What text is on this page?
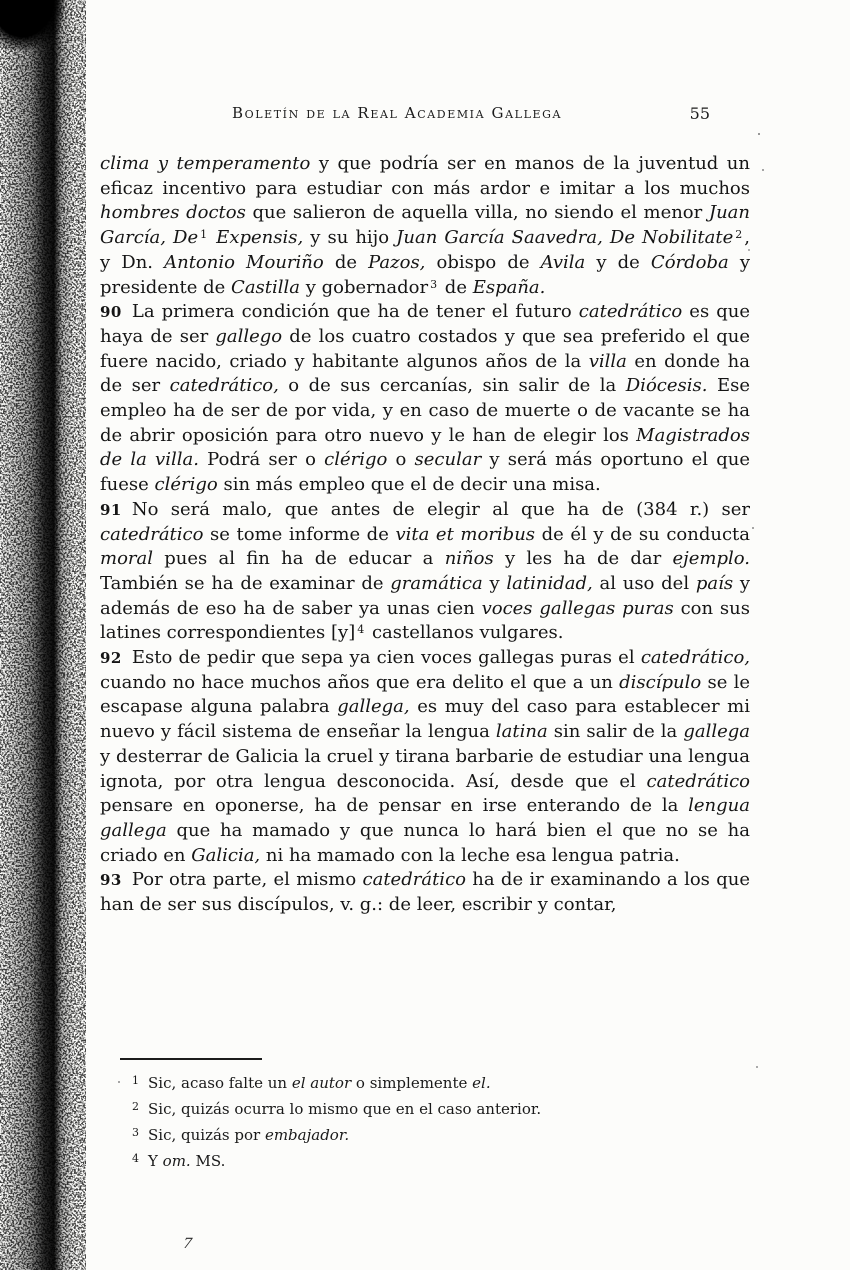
Boletín de la Real Academia Gallega	55

clima y temperamento y que podría ser en manos de la juventud un eficaz incentivo para estudiar con más ardor e imitar a los muchos hombres doctos que salieron de aquella villa, no siendo el menor Juan García, De $^1$ Expensis, y su hijo Juan García Saavedra, De Nobilitate $^2$ , y Dn. Antonio Mouriño de Pazos, obispo de Avila y de Córdoba y presidente de Castilla y gobernador $^3$ de España.

90 La primera condición que ha de tener el futuro catedrático es que haya de ser gallego de los cuatro costados y que sea preferido el que fuere nacido, criado y habitante algunos años de la villa en donde ha de ser catedrático, o de sus cercanías, sin salir de la Diócesis. Ese empleo ha de ser de por vida, y en caso de muerte o de vacante se ha de abrir oposición para otro nuevo y le han de elegir los Magistrados de la villa. Podrá ser o clérigo o secular y será más oportuno el que fuese clérigo sin más empleo que el de decir una misa.

91 No será malo, que antes de elegir al que ha de (384 r.) ser catedrático se tome informe de vita et moribus de él y de su conducta moral pues al fin ha de educar a niños y les ha de dar ejemplo. También se ha de examinar de gramática y latinidad, al uso del país y además de eso ha de saber ya unas cien voces gallegas puras con sus latines correspondientes [y] $^4$ castellanos vulgares.

92 Esto de pedir que sepa ya cien voces gallegas puras el catedrático, cuando no hace muchos años que era delito el que a un discípulo se le escapase alguna palabra gallega, es muy del caso para establecer mi nuevo y fácil sistema de enseñar la lengua latina sin salir de la gallega y desterrar de Galicia la cruel y tirana barbarie de estudiar una lengua ignota, por otra lengua desconocida. Así, desde que el catedrático pensare en oponerse, ha de pensar en irse enterando de la lengua gallega que ha mamado y que nunca lo hará bien el que no se ha criado en Galicia, ni ha mamado con la leche esa lengua patria.

93 Por otra parte, el mismo catedrático ha de ir examinando a los que han de ser sus discípulos, v. g.: de leer, escribir y contar,

$^1$ Sic, acaso falte un el autor o simplemente el.

$^2$ Sic, quizás ocurra lo mismo que en el caso anterior.

$^3$ Sic, quizás por embajador.

$^4$ Y om. MS.

7
